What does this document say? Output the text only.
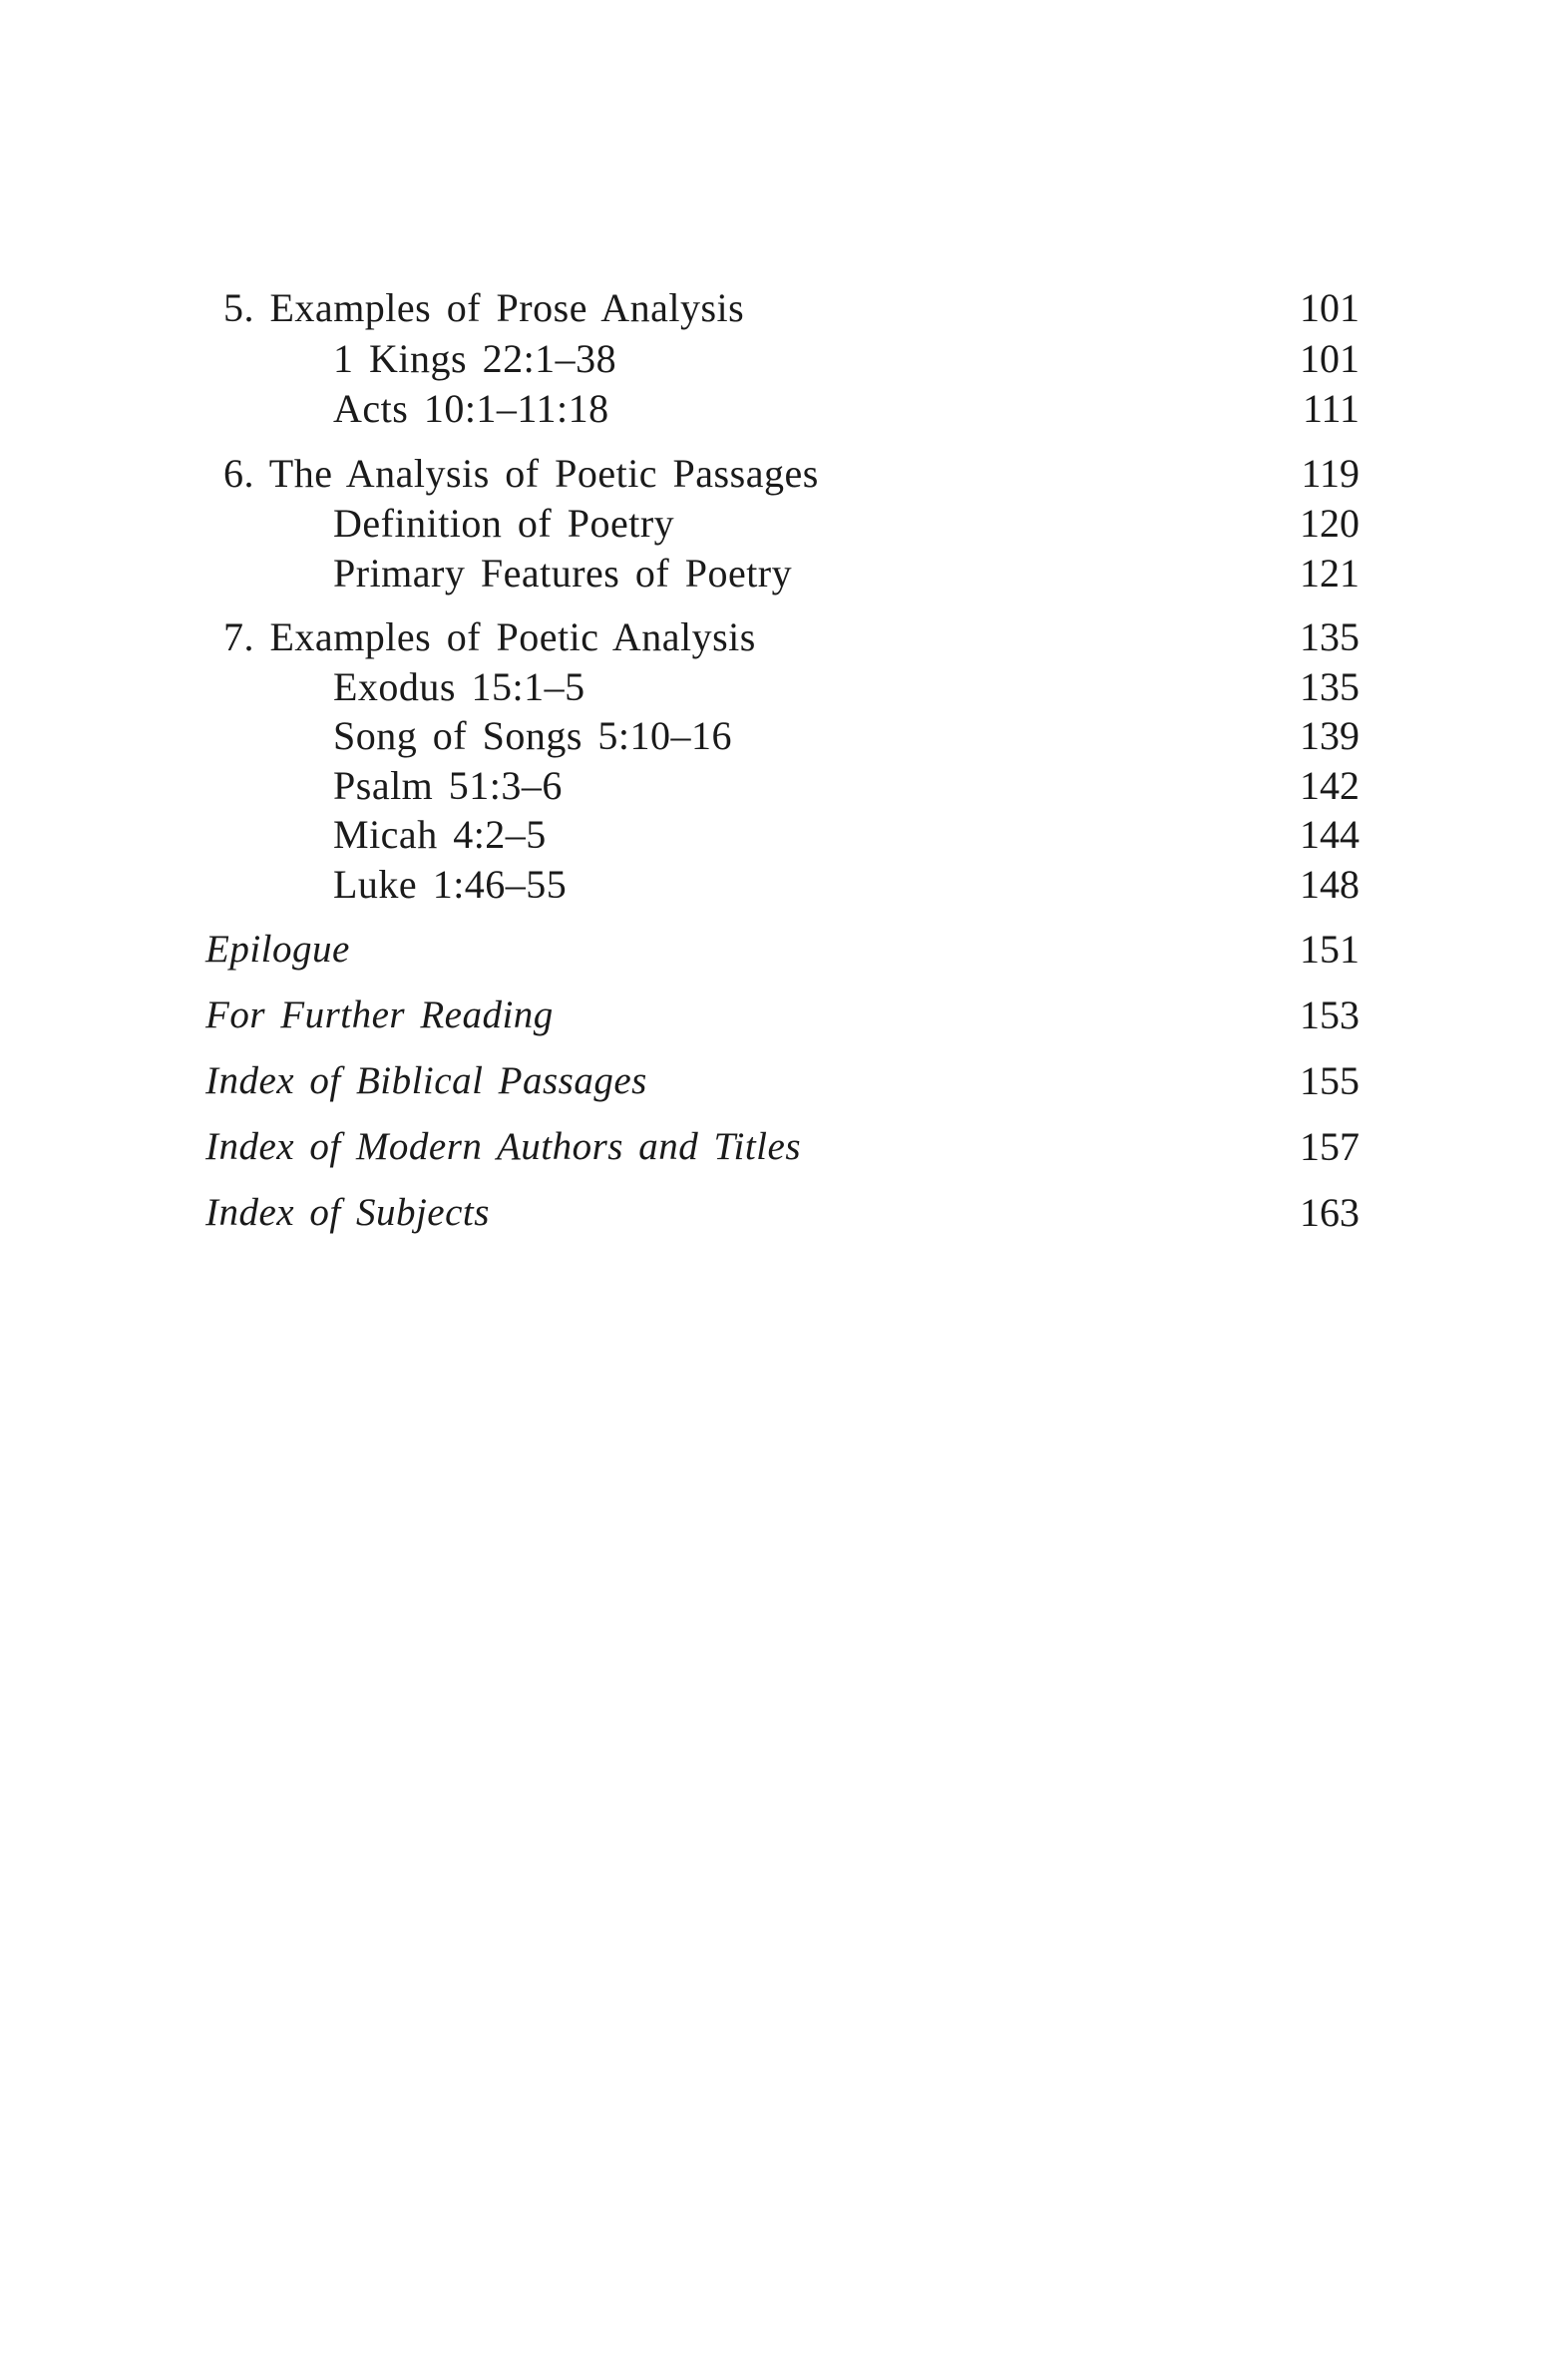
5. Examples of Prose Analysis	101
1 Kings 22:1–38	101
Acts 10:1–11:18	111
6. The Analysis of Poetic Passages	119
Definition of Poetry	120
Primary Features of Poetry	121
7. Examples of Poetic Analysis	135
Exodus 15:1–5	135
Song of Songs 5:10–16	139
Psalm 51:3–6	142
Micah 4:2–5	144
Luke 1:46–55	148
Epilogue	151
For Further Reading	153
Index of Biblical Passages	155
Index of Modern Authors and Titles	157
Index of Subjects	163
